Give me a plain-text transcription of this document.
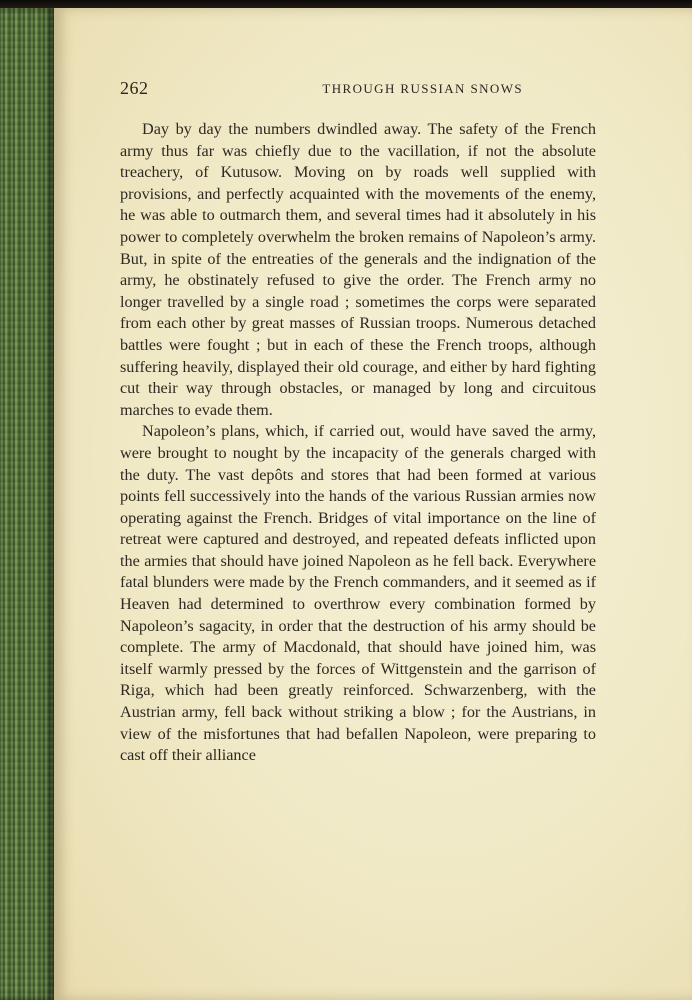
262	THROUGH RUSSIAN SNOWS

Day by day the numbers dwindled away. The safety of the French army thus far was chiefly due to the vacillation, if not the absolute treachery, of Kutusow. Moving on by roads well supplied with provisions, and perfectly acquainted with the movements of the enemy, he was able to outmarch them, and several times had it absolutely in his power to completely overwhelm the broken remains of Napoleon’s army. But, in spite of the entreaties of the generals and the indignation of the army, he obstinately refused to give the order. The French army no longer travelled by a single road ; sometimes the corps were separated from each other by great masses of Russian troops. Numerous detached battles were fought ; but in each of these the French troops, although suffering heavily, displayed their old courage, and either by hard fighting cut their way through obstacles, or managed by long and circuitous marches to evade them.

Napoleon’s plans, which, if carried out, would have saved the army, were brought to nought by the incapacity of the generals charged with the duty. The vast depôts and stores that had been formed at various points fell successively into the hands of the various Russian armies now operating against the French. Bridges of vital importance on the line of retreat were captured and destroyed, and repeated defeats inflicted upon the armies that should have joined Napoleon as he fell back. Everywhere fatal blunders were made by the French commanders, and it seemed as if Heaven had determined to overthrow every combination formed by Napoleon’s sagacity, in order that the destruction of his army should be complete. The army of Macdonald, that should have joined him, was itself warmly pressed by the forces of Wittgenstein and the garrison of Riga, which had been greatly reinforced. Schwarzenberg, with the Austrian army, fell back without striking a blow ; for the Austrians, in view of the misfortunes that had befallen Napoleon, were preparing to cast off their alliance
